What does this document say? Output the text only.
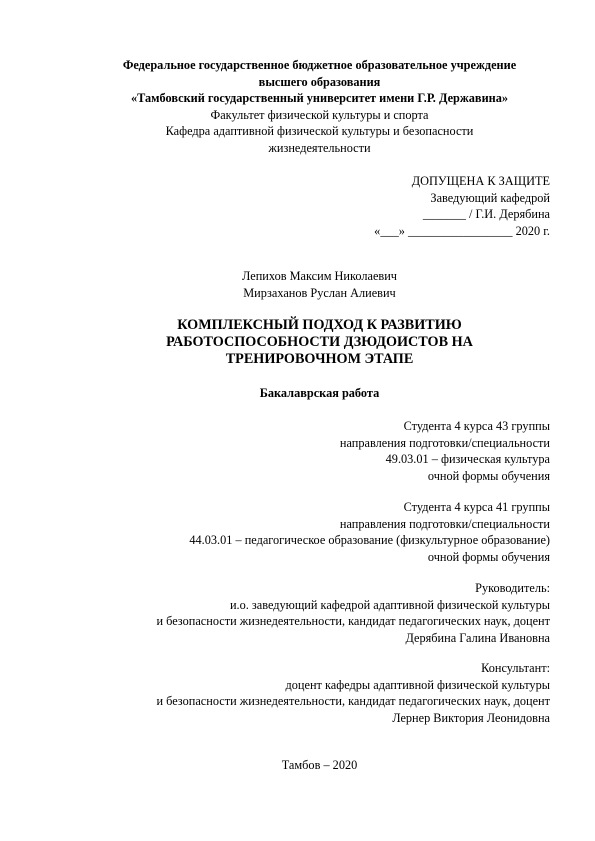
Федеральное государственное бюджетное образовательное учреждение
высшего образования
«Тамбовский государственный университет имени Г.Р. Державина»
Факультет физической культуры и спорта
Кафедра адаптивной физической культуры и безопасности
жизнедеятельности
ДОПУЩЕНА К ЗАЩИТЕ
Заведующий кафедрой
_______ / Г.И. Дерябина
«___» _________________ 2020 г.
Лепихов Максим Николаевич
Мирзаханов Руслан Алиевич
КОМПЛЕКСНЫЙ ПОДХОД К РАЗВИТИЮ
РАБОТОСПОСОБНОСТИ ДЗЮДОИСТОВ НА
ТРЕНИРОВОЧНОМ ЭТАПЕ
Бакалаврская работа
Студента 4 курса 43 группы
направления подготовки/специальности
49.03.01 – физическая культура
очной формы обучения
Студента 4 курса 41 группы
направления подготовки/специальности
44.03.01 – педагогическое образование (физкультурное образование)
очной формы обучения
Руководитель:
и.о. заведующий кафедрой адаптивной физической культуры
и безопасности жизнедеятельности, кандидат педагогических наук, доцент
Дерябина Галина Ивановна
Консультант:
доцент кафедры адаптивной физической культуры
и безопасности жизнедеятельности, кандидат педагогических наук, доцент
Лернер Виктория Леонидовна
Тамбов – 2020
